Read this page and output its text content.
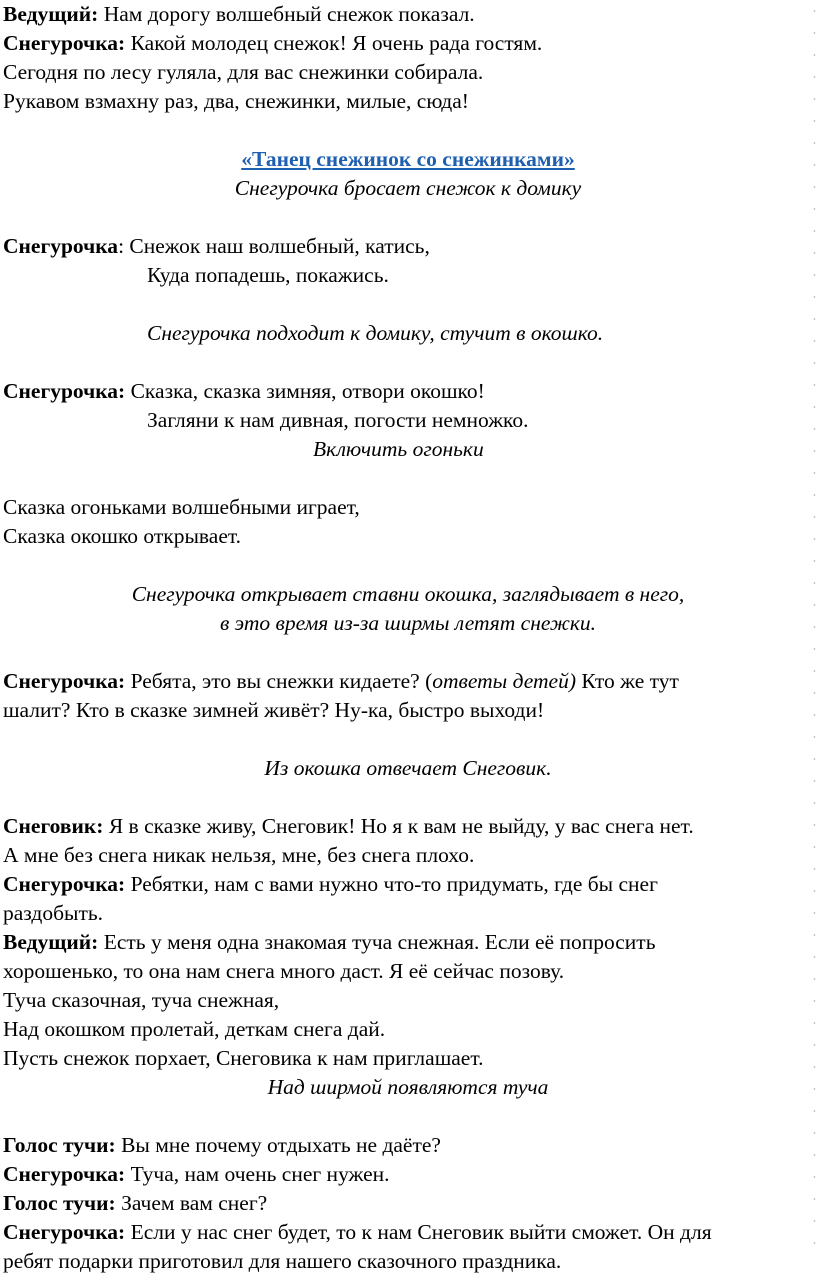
Ведущий: Нам дорогу волшебный снежок показал.
Снегурочка: Какой молодец снежок! Я очень рада гостям.
Сегодня по лесу гуляла, для вас снежинки собирала.
Рукавом взмахну раз, два, снежинки, милые, сюда!
«Танец снежинок со снежинками»
Снегурочка бросает снежок к домику
Снегурочка: Снежок наш волшебный, катись,
Куда попадешь, покажись.
Снегурочка подходит к домику, стучит в окошко.
Снегурочка: Сказка, сказка зимняя, отвори окошко!
Загляни к нам дивная, погости немножко.
Включить огоньки
Сказка огоньками волшебными играет,
Сказка окошко открывает.
Снегурочка открывает ставни окошка, заглядывает в него,
в это время из-за ширмы летят снежки.
Снегурочка: Ребята, это вы снежки кидаете? (ответы детей) Кто же тут
шалит? Кто в сказке зимней живёт? Ну-ка, быстро выходи!
Из окошка отвечает Снеговик.
Снеговик: Я в сказке живу, Снеговик! Но я к вам не выйду, у вас снега нет.
А мне без снега никак нельзя, мне, без снега плохо.
Снегурочка: Ребятки, нам с вами нужно что-то придумать, где бы снег
раздобыть.
Ведущий: Есть у меня одна знакомая туча снежная. Если её попросить
хорошенько, то она нам снега много даст. Я её сейчас позову.
Туча сказочная, туча снежная,
Над окошком пролетай, деткам снега дай.
Пусть снежок порхает, Снеговика к нам приглашает.
Над ширмой появляются туча
Голос тучи: Вы мне почему отдыхать не даёте?
Снегурочка: Туча, нам очень снег нужен.
Голос тучи: Зачем вам снег?
Снегурочка: Если у нас снег будет, то к нам Снеговик выйти сможет. Он для
ребят подарки приготовил для нашего сказочного праздника.
